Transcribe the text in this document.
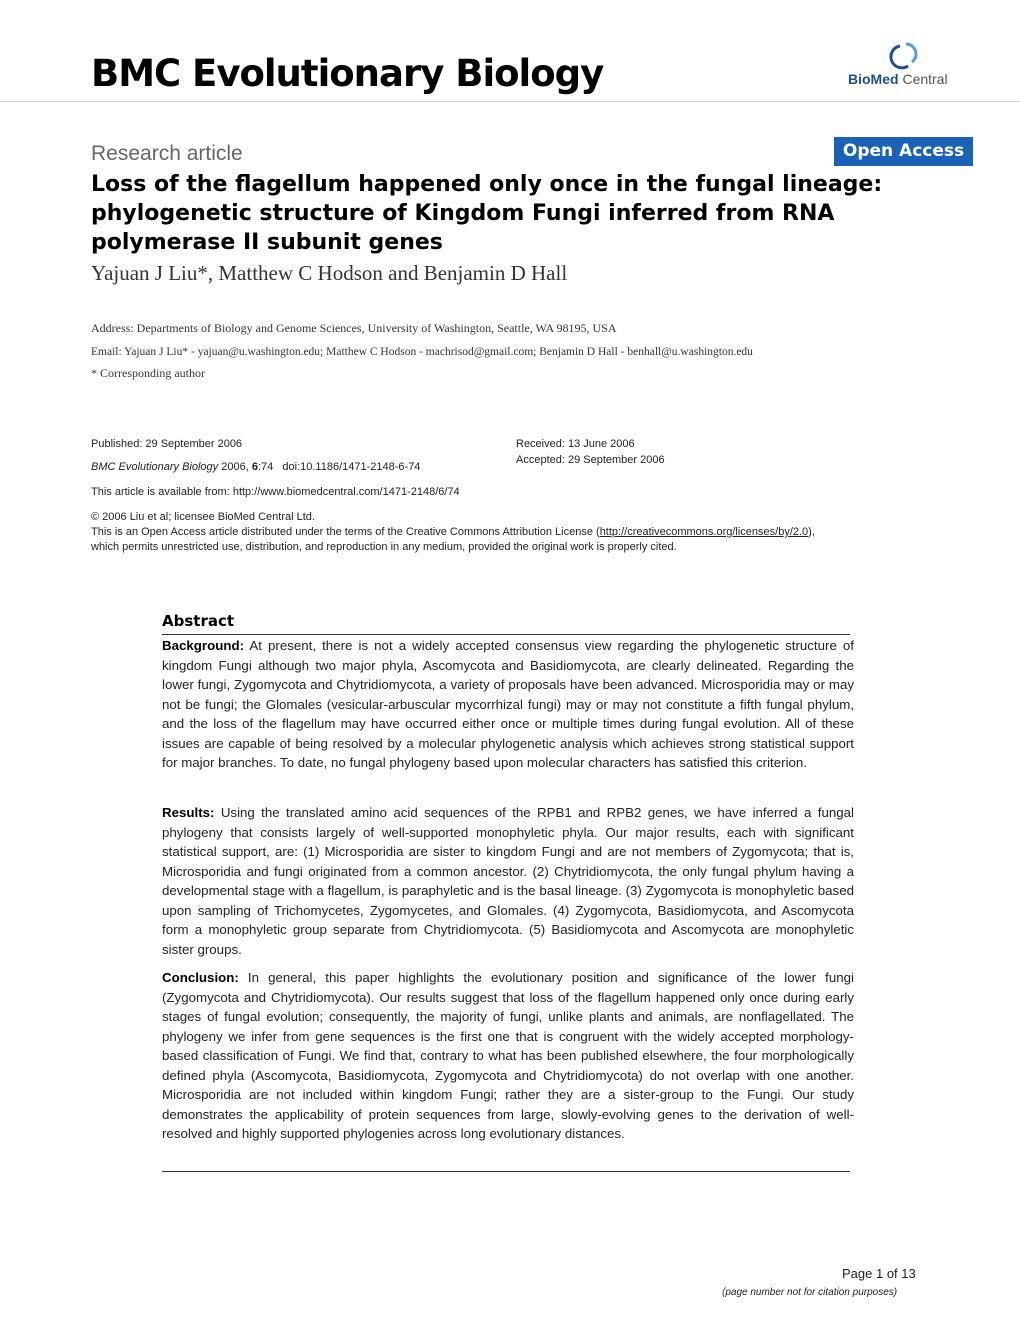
BMC Evolutionary Biology	BioMed Central
Research article	Open Access
Loss of the flagellum happened only once in the fungal lineage: phylogenetic structure of Kingdom Fungi inferred from RNA polymerase II subunit genes
Yajuan J Liu*, Matthew C Hodson and Benjamin D Hall
Address: Departments of Biology and Genome Sciences, University of Washington, Seattle, WA 98195, USA
Email: Yajuan J Liu* - yajuan@u.washington.edu; Matthew C Hodson - machrisod@gmail.com; Benjamin D Hall - benhall@u.washington.edu
* Corresponding author
Published: 29 September 2006
BMC Evolutionary Biology 2006, 6:74 doi:10.1186/1471-2148-6-74
Received: 13 June 2006
Accepted: 29 September 2006
This article is available from: http://www.biomedcentral.com/1471-2148/6/74
© 2006 Liu et al; licensee BioMed Central Ltd.
This is an Open Access article distributed under the terms of the Creative Commons Attribution License (http://creativecommons.org/licenses/by/2.0),
which permits unrestricted use, distribution, and reproduction in any medium, provided the original work is properly cited.
Abstract
Background: At present, there is not a widely accepted consensus view regarding the phylogenetic structure of kingdom Fungi although two major phyla, Ascomycota and Basidiomycota, are clearly delineated. Regarding the lower fungi, Zygomycota and Chytridiomycota, a variety of proposals have been advanced. Microsporidia may or may not be fungi; the Glomales (vesicular-arbuscular mycorrhizal fungi) may or may not constitute a fifth fungal phylum, and the loss of the flagellum may have occurred either once or multiple times during fungal evolution. All of these issues are capable of being resolved by a molecular phylogenetic analysis which achieves strong statistical support for major branches. To date, no fungal phylogeny based upon molecular characters has satisfied this criterion.
Results: Using the translated amino acid sequences of the RPB1 and RPB2 genes, we have inferred a fungal phylogeny that consists largely of well-supported monophyletic phyla. Our major results, each with significant statistical support, are: (1) Microsporidia are sister to kingdom Fungi and are not members of Zygomycota; that is, Microsporidia and fungi originated from a common ancestor. (2) Chytridiomycota, the only fungal phylum having a developmental stage with a flagellum, is paraphyletic and is the basal lineage. (3) Zygomycota is monophyletic based upon sampling of Trichomycetes, Zygomycetes, and Glomales. (4) Zygomycota, Basidiomycota, and Ascomycota form a monophyletic group separate from Chytridiomycota. (5) Basidiomycota and Ascomycota are monophyletic sister groups.
Conclusion: In general, this paper highlights the evolutionary position and significance of the lower fungi (Zygomycota and Chytridiomycota). Our results suggest that loss of the flagellum happened only once during early stages of fungal evolution; consequently, the majority of fungi, unlike plants and animals, are nonflagellated. The phylogeny we infer from gene sequences is the first one that is congruent with the widely accepted morphology-based classification of Fungi. We find that, contrary to what has been published elsewhere, the four morphologically defined phyla (Ascomycota, Basidiomycota, Zygomycota and Chytridiomycota) do not overlap with one another. Microsporidia are not included within kingdom Fungi; rather they are a sister-group to the Fungi. Our study demonstrates the applicability of protein sequences from large, slowly-evolving genes to the derivation of well-resolved and highly supported phylogenies across long evolutionary distances.
Page 1 of 13
(page number not for citation purposes)
